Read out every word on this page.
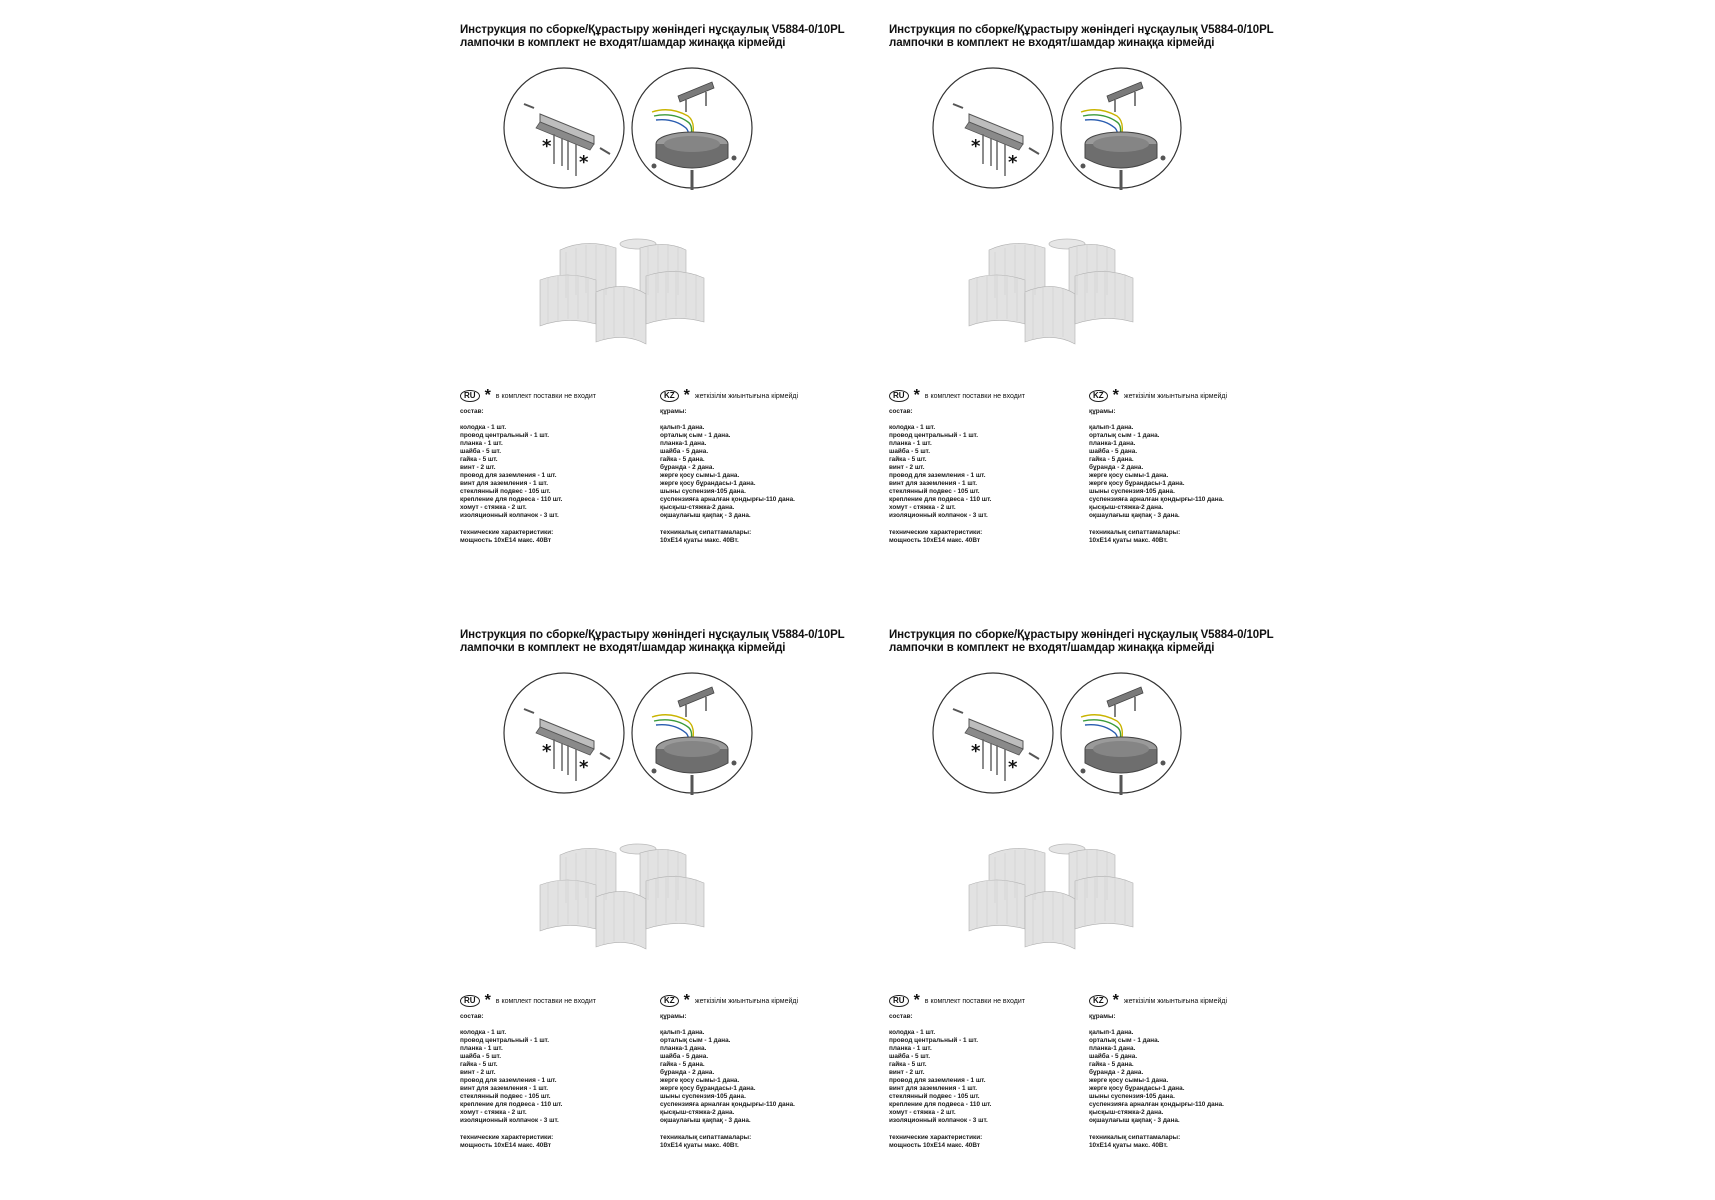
Инструкция по сборке/Құрастыру жөніндегі нұсқаулық V5884-0/10PL
лампочки в комплект не входят/шамдар жинаққа кірмейді
*
*
RU * в комплект поставки не входит	KZ * жеткізілім жиынтығына кірмейді
состав:
колодка - 1 шт.
провод центральный - 1 шт.
планка - 1 шт.
шайба - 5 шт.
гайка - 5 шт.
винт - 2 шт.
провод для заземления - 1 шт.
винт для заземления - 1 шт.
стеклянный подвес - 105 шт.
крепление для подвеса - 110 шт.
хомут - стяжка - 2 шт.
изоляционный колпачок - 3 шт.
технические характеристики:
мощность 10хЕ14 макс. 40Вт
құрамы:
қалып-1 дана.
орталық сым - 1 дана.
планка-1 дана.
шайба - 5 дана.
гайка - 5 дана.
бұранда - 2 дана.
жерге қосу сымы-1 дана.
жерге қосу бұрандасы-1 дана.
шыны суспензия-105 дана.
суспензияға арналған қондырғы-110 дана.
қысқыш-стяжка-2 дана.
оқшаулағыш қақпақ - 3 дана.
техникалық сипаттамалары:
10хЕ14 қуаты макс. 40Вт.
Инструкция по сборке/Құрастыру жөніндегі нұсқаулық V5884-0/10PL
лампочки в комплект не входят/шамдар жинаққа кірмейді
*
*
RU * в комплект поставки не входит	KZ * жеткізілім жиынтығына кірмейді
состав:
колодка - 1 шт.
провод центральный - 1 шт.
планка - 1 шт.
шайба - 5 шт.
гайка - 5 шт.
винт - 2 шт.
провод для заземления - 1 шт.
винт для заземления - 1 шт.
стеклянный подвес - 105 шт.
крепление для подвеса - 110 шт.
хомут - стяжка - 2 шт.
изоляционный колпачок - 3 шт.
технические характеристики:
мощность 10хЕ14 макс. 40Вт
құрамы:
қалып-1 дана.
орталық сым - 1 дана.
планка-1 дана.
шайба - 5 дана.
гайка - 5 дана.
бұранда - 2 дана.
жерге қосу сымы-1 дана.
жерге қосу бұрандасы-1 дана.
шыны суспензия-105 дана.
суспензияға арналған қондырғы-110 дана.
қысқыш-стяжка-2 дана.
оқшаулағыш қақпақ - 3 дана.
техникалық сипаттамалары:
10хЕ14 қуаты макс. 40Вт.
Инструкция по сборке/Құрастыру жөніндегі нұсқаулық V5884-0/10PL
лампочки в комплект не входят/шамдар жинаққа кірмейді
*
*
RU * в комплект поставки не входит	KZ * жеткізілім жиынтығына кірмейді
состав:
колодка - 1 шт.
провод центральный - 1 шт.
планка - 1 шт.
шайба - 5 шт.
гайка - 5 шт.
винт - 2 шт.
провод для заземления - 1 шт.
винт для заземления - 1 шт.
стеклянный подвес - 105 шт.
крепление для подвеса - 110 шт.
хомут - стяжка - 2 шт.
изоляционный колпачок - 3 шт.
технические характеристики:
мощность 10хЕ14 макс. 40Вт
құрамы:
қалып-1 дана.
орталық сым - 1 дана.
планка-1 дана.
шайба - 5 дана.
гайка - 5 дана.
бұранда - 2 дана.
жерге қосу сымы-1 дана.
жерге қосу бұрандасы-1 дана.
шыны суспензия-105 дана.
суспензияға арналған қондырғы-110 дана.
қысқыш-стяжка-2 дана.
оқшаулағыш қақпақ - 3 дана.
техникалық сипаттамалары:
10хЕ14 қуаты макс. 40Вт.
Инструкция по сборке/Құрастыру жөніндегі нұсқаулық V5884-0/10PL
лампочки в комплект не входят/шамдар жинаққа кірмейді
*
*
RU * в комплект поставки не входит	KZ * жеткізілім жиынтығына кірмейді
состав:
колодка - 1 шт.
провод центральный - 1 шт.
планка - 1 шт.
шайба - 5 шт.
гайка - 5 шт.
винт - 2 шт.
провод для заземления - 1 шт.
винт для заземления - 1 шт.
стеклянный подвес - 105 шт.
крепление для подвеса - 110 шт.
хомут - стяжка - 2 шт.
изоляционный колпачок - 3 шт.
технические характеристики:
мощность 10хЕ14 макс. 40Вт
құрамы:
қалып-1 дана.
орталық сым - 1 дана.
планка-1 дана.
шайба - 5 дана.
гайка - 5 дана.
бұранда - 2 дана.
жерге қосу сымы-1 дана.
жерге қосу бұрандасы-1 дана.
шыны суспензия-105 дана.
суспензияға арналған қондырғы-110 дана.
қысқыш-стяжка-2 дана.
оқшаулағыш қақпақ - 3 дана.
техникалық сипаттамалары:
10хЕ14 қуаты макс. 40Вт.
